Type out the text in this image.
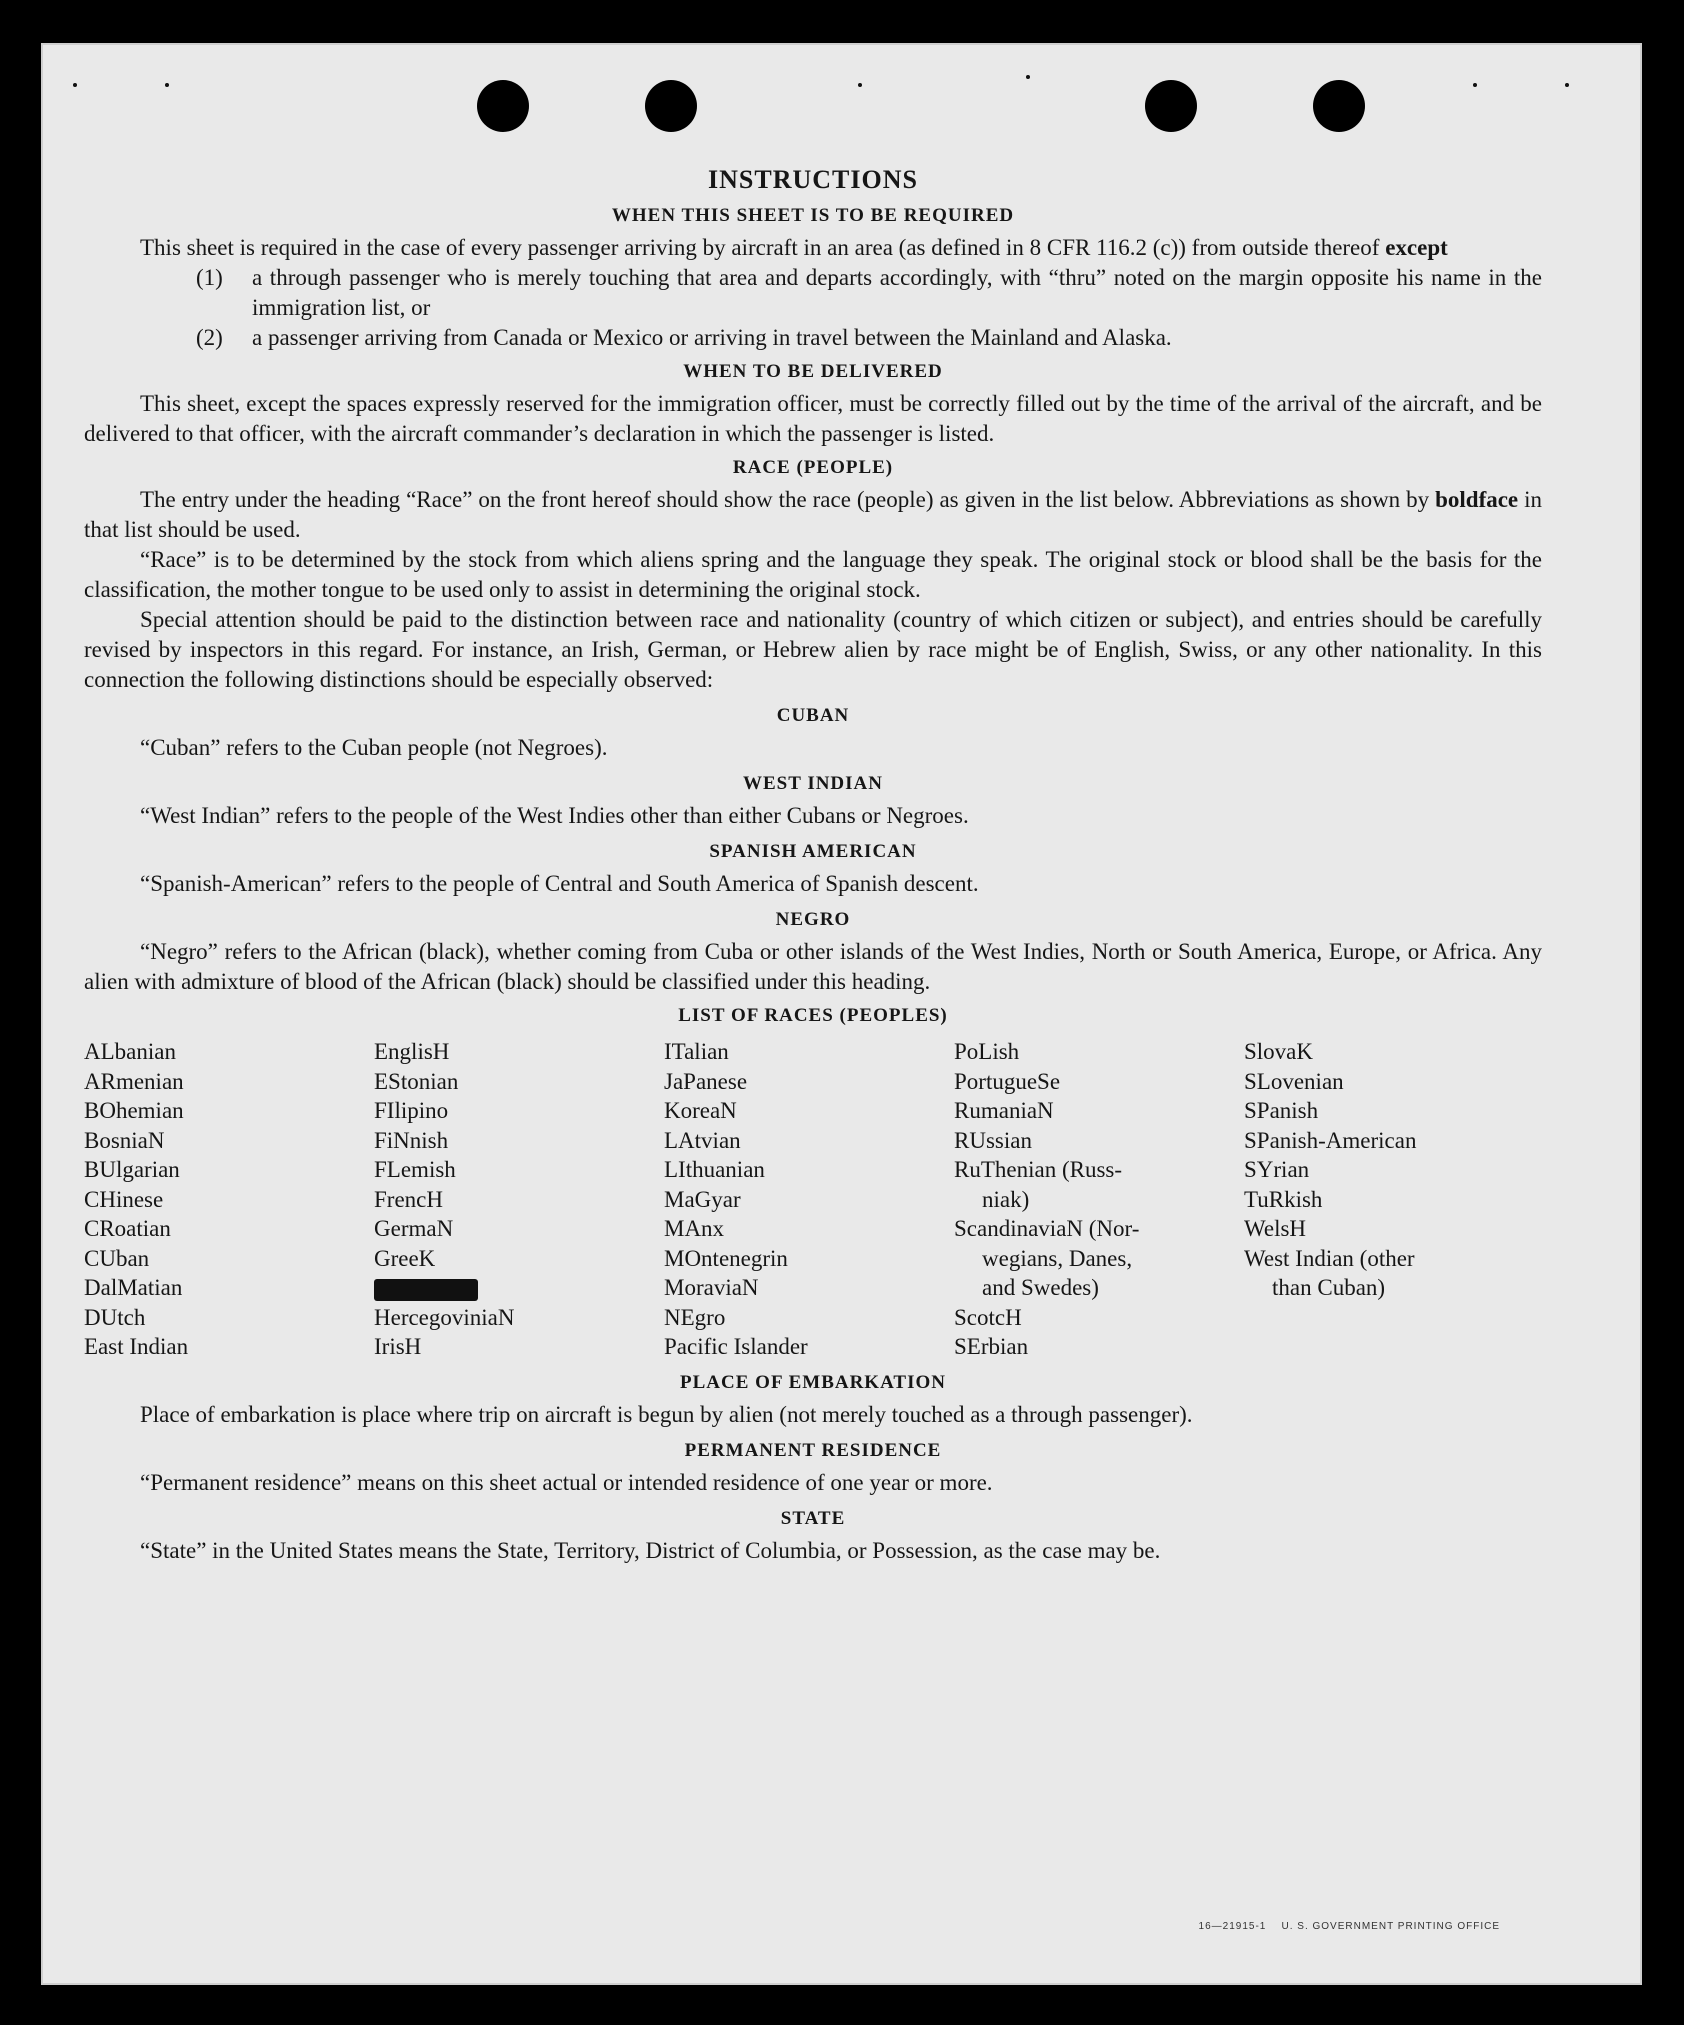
INSTRUCTIONS
WHEN THIS SHEET IS TO BE REQUIRED
This sheet is required in the case of every passenger arriving by aircraft in an area (as defined in 8 CFR 116.2 (c)) from outside thereof except
(1)	a through passenger who is merely touching that area and departs accordingly, with “thru” noted on the margin opposite his name in the immigration list, or
(2)	a passenger arriving from Canada or Mexico or arriving in travel between the Mainland and Alaska.
WHEN TO BE DELIVERED
This sheet, except the spaces expressly reserved for the immigration officer, must be correctly filled out by the time of the arrival of the aircraft, and be delivered to that officer, with the aircraft commander’s declaration in which the passenger is listed.
RACE (PEOPLE)
The entry under the heading “Race” on the front hereof should show the race (people) as given in the list below. Abbreviations as shown by boldface in that list should be used.
“Race” is to be determined by the stock from which aliens spring and the language they speak. The original stock or blood shall be the basis for the classification, the mother tongue to be used only to assist in determining the original stock.
Special attention should be paid to the distinction between race and nationality (country of which citizen or subject), and entries should be carefully revised by inspectors in this regard. For instance, an Irish, German, or Hebrew alien by race might be of English, Swiss, or any other nationality. In this connection the following distinctions should be especially observed:
CUBAN
“Cuban” refers to the Cuban people (not Negroes).
WEST INDIAN
“West Indian” refers to the people of the West Indies other than either Cubans or Negroes.
SPANISH AMERICAN
“Spanish-American” refers to the people of Central and South America of Spanish descent.
NEGRO
“Negro” refers to the African (black), whether coming from Cuba or other islands of the West Indies, North or South America, Europe, or Africa. Any alien with admixture of blood of the African (black) should be classified under this heading.
LIST OF RACES (PEOPLES)
ALbanian
ARmenian
BOhemian
BosniaN
BUlgarian
CHinese
CRoatian
CUban
DalMatian
DUtch
East Indian
EnglisH
EStonian
FIlipino
FiNnish
FLemish
FrencH
GermaN
GreeK
HercegoviniaN
IrisH
ITalian
JaPanese
KoreaN
LAtvian
LIthuanian
MaGyar
MAnx
MOntenegrin
MoraviaN
NEgro
Pacific Islander
PoLish
PortugueSe
RumaniaN
RUssian
RuThenian (Russ-
niak)
ScandinaviaN (Nor-
wegians, Danes,
and Swedes)
ScotcH
SErbian
SlovaK
SLovenian
SPanish
SPanish-American
SYrian
TuRkish
WelsH
West Indian (other
than Cuban)
PLACE OF EMBARKATION
Place of embarkation is place where trip on aircraft is begun by alien (not merely touched as a through passenger).
PERMANENT RESIDENCE
“Permanent residence” means on this sheet actual or intended residence of one year or more.
STATE
“State” in the United States means the State, Territory, District of Columbia, or Possession, as the case may be.
16—21915-1 U. S. GOVERNMENT PRINTING OFFICE
